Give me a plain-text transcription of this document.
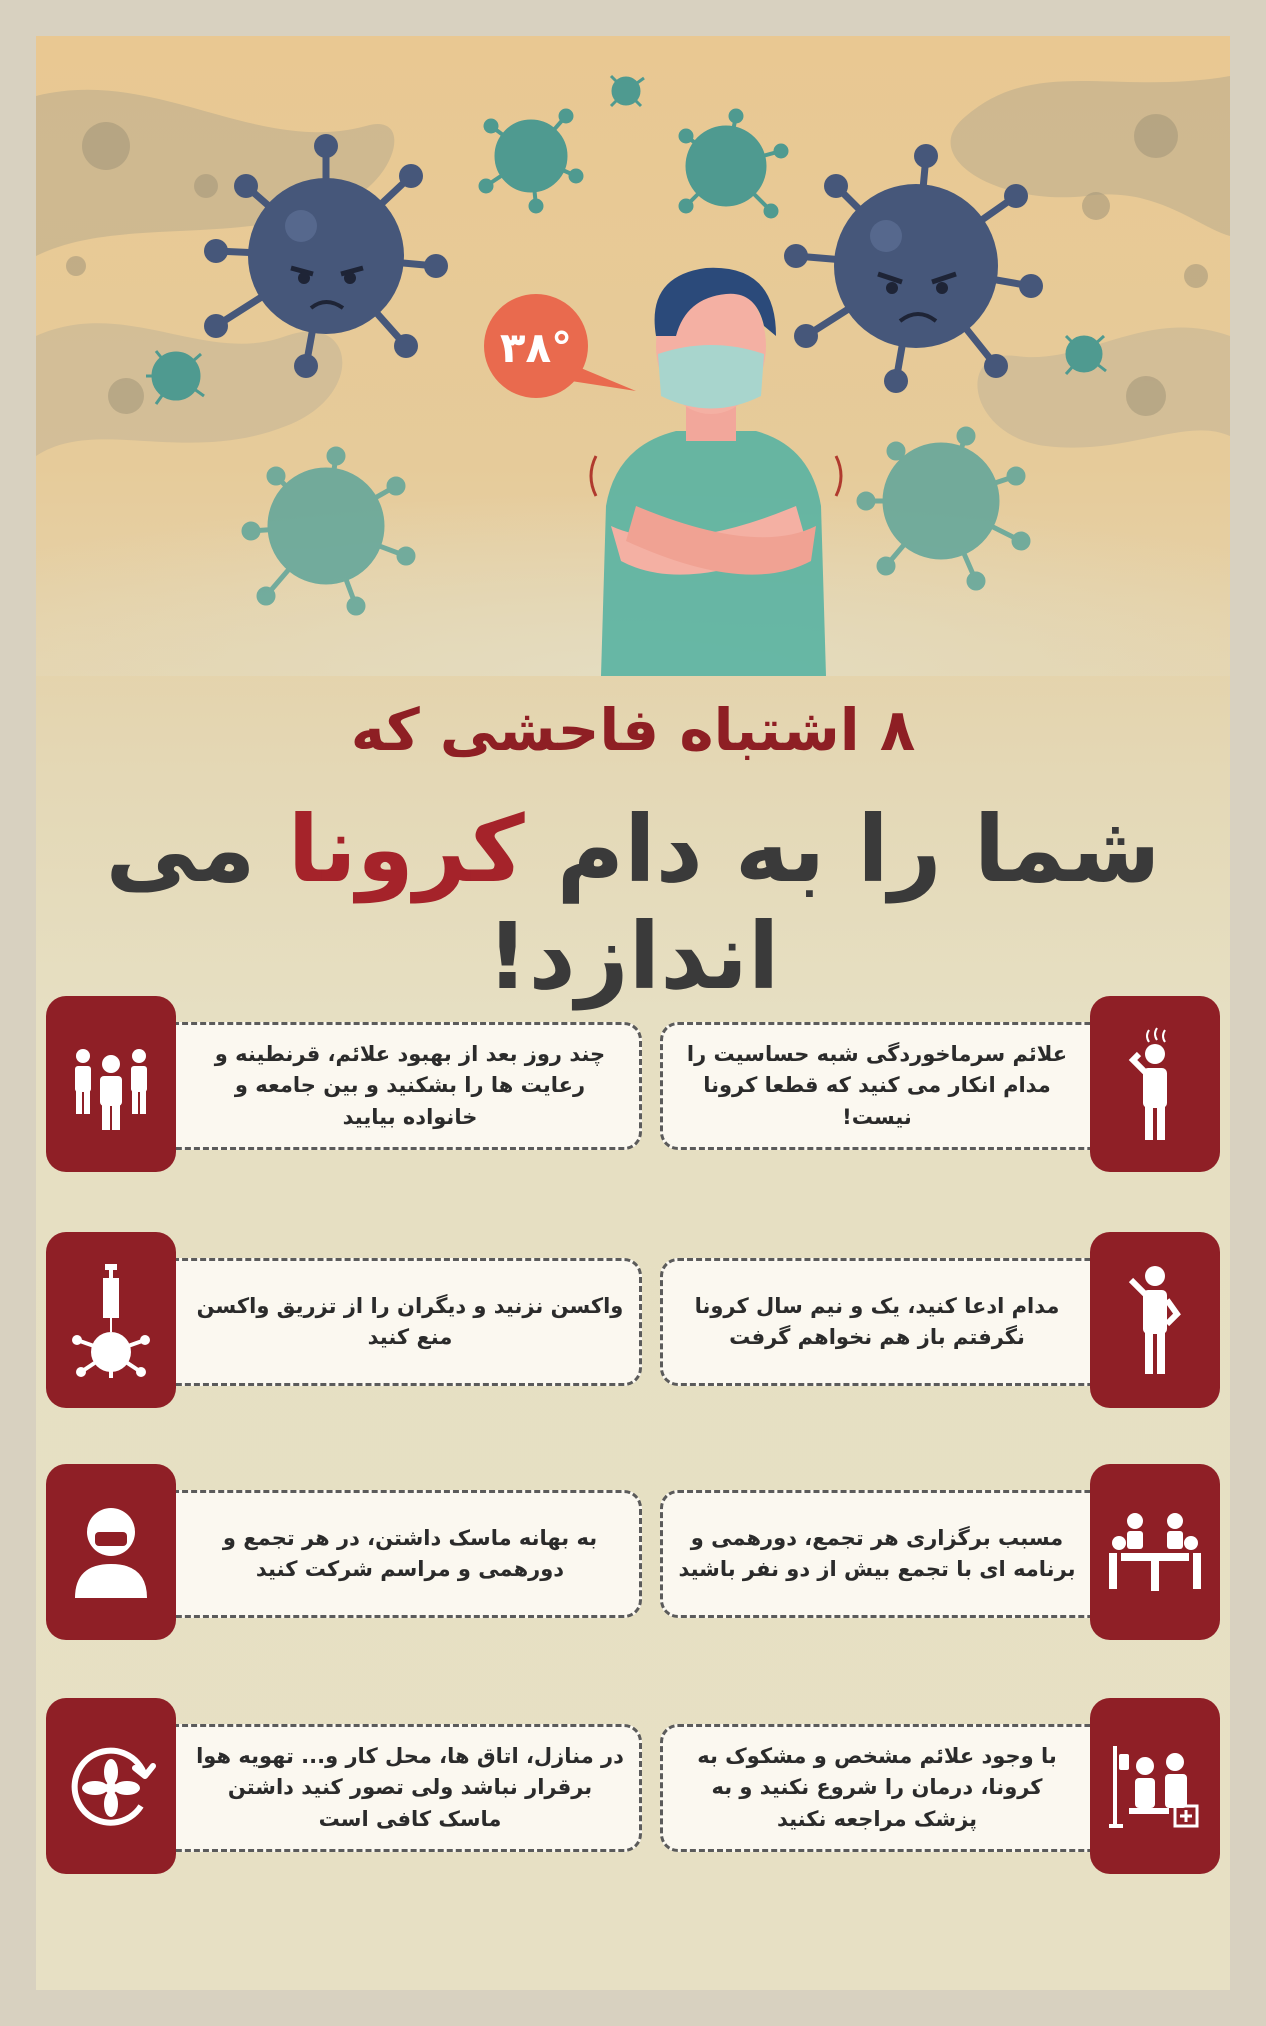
۳۸°
۸ اشتباه فاحشی که
شما را به دام کرونا می اندازد!
چند روز بعد از بهبود علائم، قرنطینه و رعایت ها را بشکنید و بین جامعه و خانواده بیایید
علائم سرماخوردگی شبه حساسیت را مدام انکار می کنید که قطعا کرونا نیست!
واکسن نزنید و دیگران را از تزریق واکسن منع کنید
مدام ادعا کنید، یک و نیم سال کرونا نگرفتم باز هم نخواهم گرفت
به بهانه ماسک داشتن، در هر تجمع و دورهمی و مراسم شرکت کنید
مسبب برگزاری هر تجمع، دورهمی و برنامه ای با تجمع بیش از دو نفر باشید
در منازل، اتاق ها، محل کار و... تهویه هوا برقرار نباشد ولی تصور کنید داشتن ماسک کافی است
با وجود علائم مشخص و مشکوک به کرونا، درمان را شروع نکنید و به پزشک مراجعه نکنید
